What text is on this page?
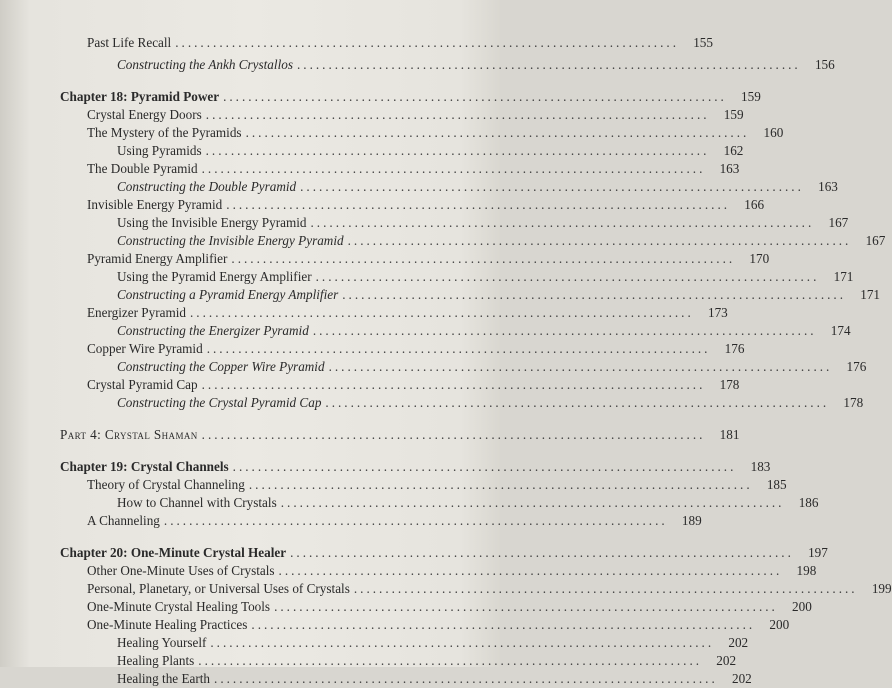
Past Life Recall ................................................................................	155
Constructing the Ankh Crystallos ................................................................................	156
Chapter 18: Pyramid Power ................................................................................	159
Crystal Energy Doors ................................................................................	159
The Mystery of the Pyramids ................................................................................	160
Using Pyramids ................................................................................	162
The Double Pyramid ................................................................................	163
Constructing the Double Pyramid ................................................................................	163
Invisible Energy Pyramid ................................................................................	166
Using the Invisible Energy Pyramid ................................................................................	167
Constructing the Invisible Energy Pyramid ................................................................................	167
Pyramid Energy Amplifier ................................................................................	170
Using the Pyramid Energy Amplifier ................................................................................	171
Constructing a Pyramid Energy Amplifier ................................................................................	171
Energizer Pyramid ................................................................................	173
Constructing the Energizer Pyramid ................................................................................	174
Copper Wire Pyramid ................................................................................	176
Constructing the Copper Wire Pyramid ................................................................................	176
Crystal Pyramid Cap ................................................................................	178
Constructing the Crystal Pyramid Cap ................................................................................	178
Part 4: Crystal Shaman ................................................................................	181
Chapter 19: Crystal Channels ................................................................................	183
Theory of Crystal Channeling ................................................................................	185
How to Channel with Crystals ................................................................................	186
A Channeling ................................................................................	189
Chapter 20: One-Minute Crystal Healer ................................................................................	197
Other One-Minute Uses of Crystals ................................................................................	198
Personal, Planetary, or Universal Uses of Crystals ................................................................................	199
One-Minute Crystal Healing Tools ................................................................................	200
One-Minute Healing Practices ................................................................................	200
Healing Yourself ................................................................................	202
Healing Plants ................................................................................	202
Healing the Earth ................................................................................	202
